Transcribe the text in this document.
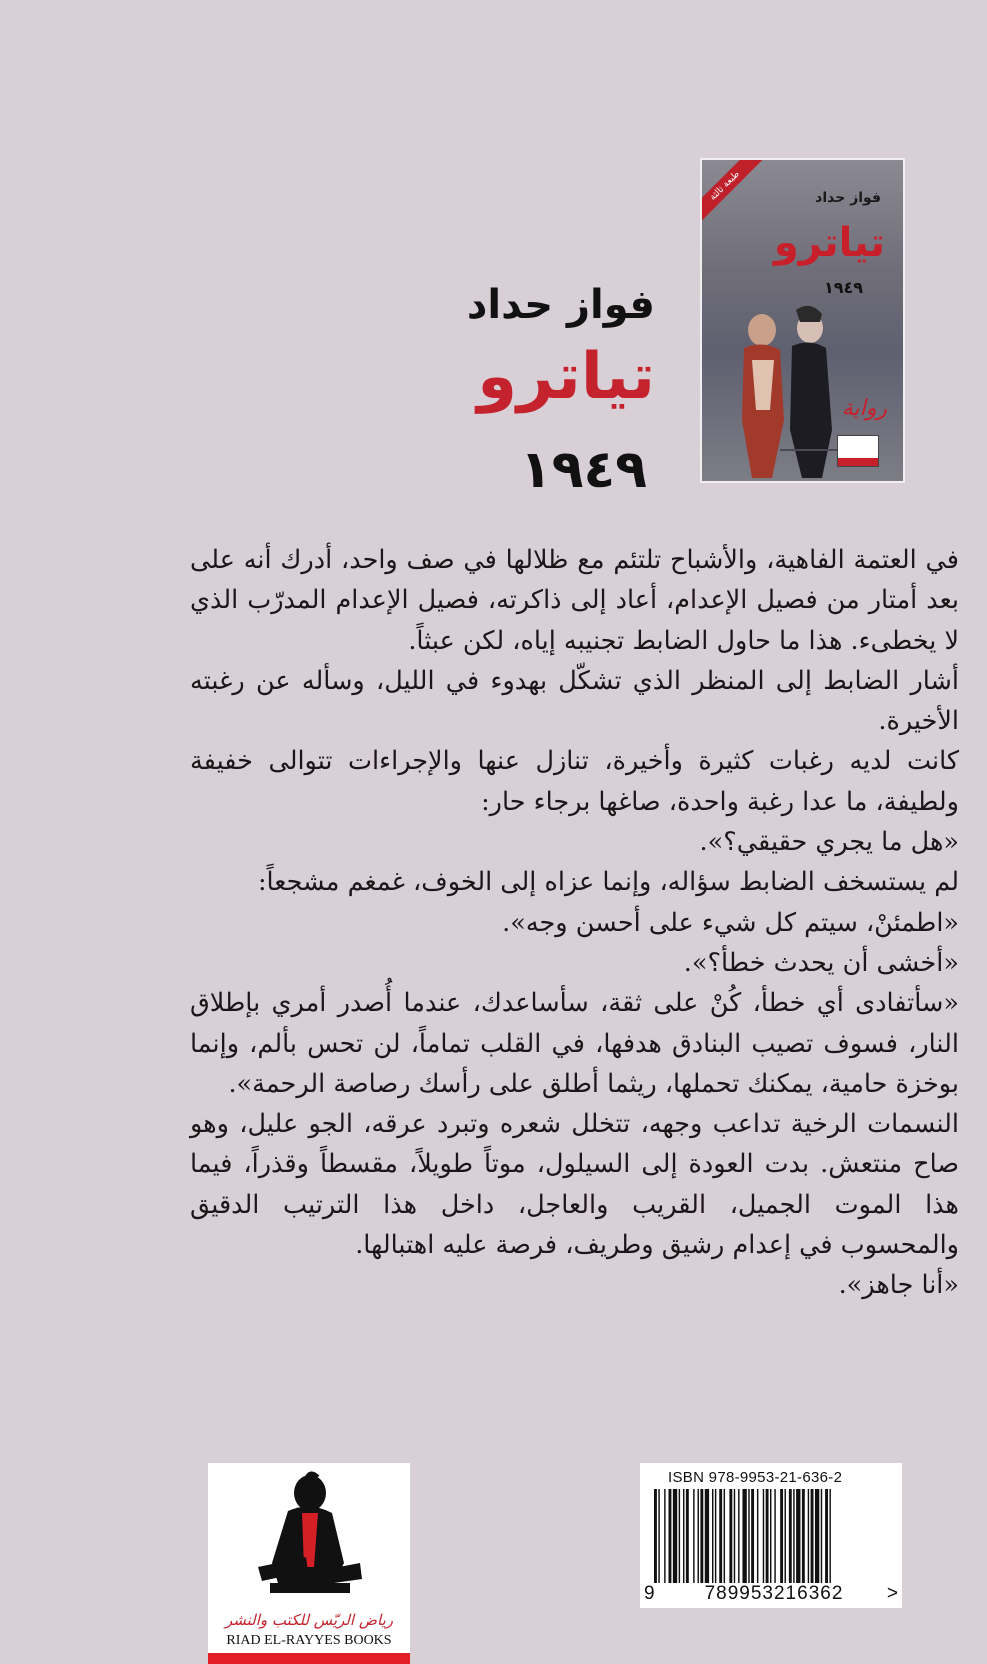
طبعة ثالثة	فواز حداد
تياترو
١٩٤٩
رواية
فواز حداد
تياترو
١٩٤٩

في العتمة الفاهية، والأشباح تلتئم مع ظلالها في صف واحد، أدرك أنه على بعد أمتار من فصيل الإعدام، أعاد إلى ذاكرته، فصيل الإعدام المدرّب الذي لا يخطىء. هذا ما حاول الضابط تجنيبه إياه، لكن عبثاً.

أشار الضابط إلى المنظر الذي تشكّل بهدوء في الليل، وسأله عن رغبته الأخيرة.

كانت لديه رغبات كثيرة وأخيرة، تنازل عنها والإجراءات تتوالى خفيفة ولطيفة، ما عدا رغبة واحدة، صاغها برجاء حار:

«هل ما يجري حقيقي؟».

لم يستسخف الضابط سؤاله، وإنما عزاه إلى الخوف، غمغم مشجعاً:

«اطمئنْ، سيتم كل شيء على أحسن وجه».

«أخشى أن يحدث خطأ؟».

«سأتفادى أي خطأ، كُنْ على ثقة، سأساعدك، عندما أُصدر أمري بإطلاق النار، فسوف تصيب البنادق هدفها، في القلب تماماً، لن تحس بألم، وإنما بوخزة حامية، يمكنك تحملها، ريثما أطلق على رأسك رصاصة الرحمة».

النسمات الرخية تداعب وجهه، تتخلل شعره وتبرد عرقه، الجو عليل، وهو صاح منتعش. بدت العودة إلى السيلول، موتاً طويلاً، مقسطاً وقذراً، فيما هذا الموت الجميل، القريب والعاجل، داخل هذا الترتيب الدقيق والمحسوب في إعدام رشيق وطريف، فرصة عليه اهتبالها.

«أنا جاهز».

رياض الريّس للكتب والنشر
RIAD EL-RAYYES BOOKS
ISBN 978-9953-21-636-2
9	789953216362	>
